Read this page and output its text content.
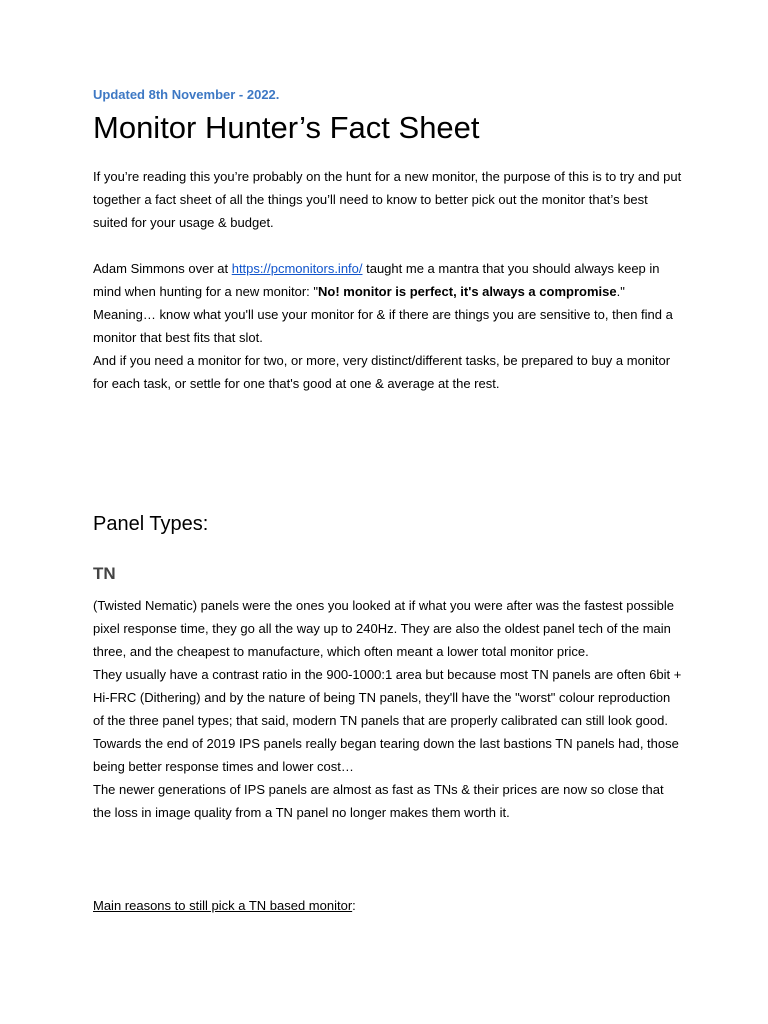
Updated 8th November - 2022.
Monitor Hunter’s Fact Sheet

If you’re reading this you’re probably on the hunt for a new monitor, the purpose of this is to try and put together a fact sheet of all the things you’ll need to know to better pick out the monitor that’s best suited for your usage & budget.

Adam Simmons over at https://pcmonitors.info/ taught me a mantra that you should always keep in mind when hunting for a new monitor: "No! monitor is perfect, it's always a compromise."
Meaning… know what you'll use your monitor for & if there are things you are sensitive to, then find a monitor that best fits that slot.
And if you need a monitor for two, or more, very distinct/different tasks, be prepared to buy a monitor for each task, or settle for one that's good at one & average at the rest.

Panel Types:
TN

(Twisted Nematic) panels were the ones you looked at if what you were after was the fastest possible pixel response time, they go all the way up to 240Hz. They are also the oldest panel tech of the main three, and the cheapest to manufacture, which often meant a lower total monitor price.
They usually have a contrast ratio in the 900-1000:1 area but because most TN panels are often 6bit + Hi-FRC (Dithering) and by the nature of being TN panels, they'll have the "worst" colour reproduction of the three panel types; that said, modern TN panels that are properly calibrated can still look good.
Towards the end of 2019 IPS panels really began tearing down the last bastions TN panels had, those being better response times and lower cost…
The newer generations of IPS panels are almost as fast as TNs & their prices are now so close that the loss in image quality from a TN panel no longer makes them worth it.

Main reasons to still pick a TN based monitor:
